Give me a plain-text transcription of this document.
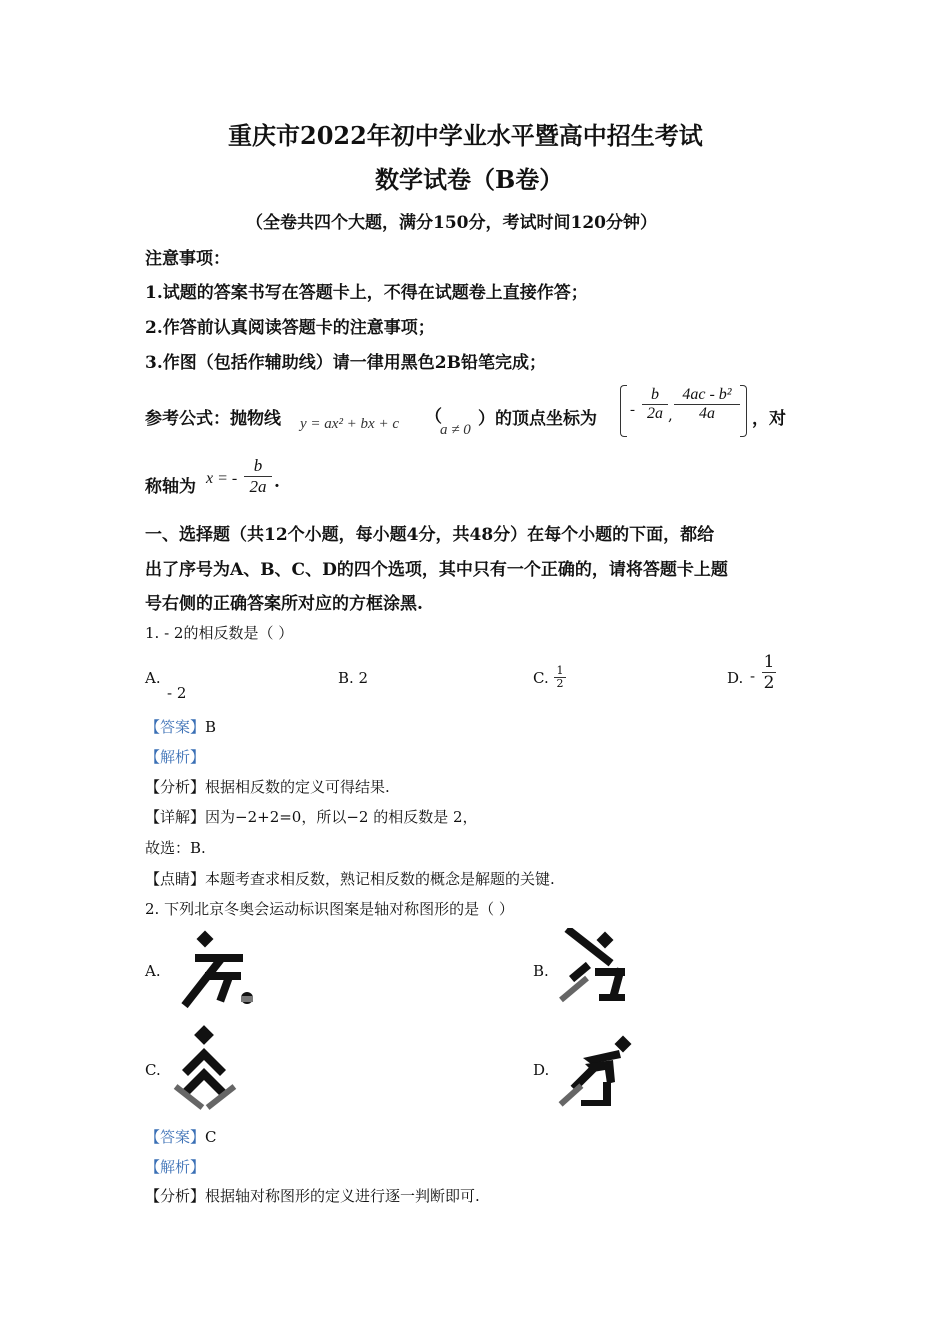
重庆市2022年初中学业水平暨高中招生考试
数学试卷（B卷）
（全卷共四个大题，满分150分，考试时间120分钟）
注意事项：
1.试题的答案书写在答题卡上，不得在试题卷上直接作答；
2.作答前认真阅读答题卡的注意事项；
3.作图（包括作辅助线）请一律用黑色2B铅笔完成；
参考公式：抛物线 y = ax² + bx + c （
a ≠ 0
）的顶点坐标为 -
b
2a ,
4ac - b²
4a	，对
称轴为 x = -
b
2a .
一、选择题（共12个小题，每小题4分，共48分）在每个小题的下面，都给
出了序号为A、B、C、D的四个选项，其中只有一个正确的，请将答题卡上题
号右侧的正确答案所对应的方框涂黑.
1. - 2的相反数是（ ）
A.
- 2
B. 2	C. 1
2	D. -
1
2
【答案】B
【解析】
【分析】根据相反数的定义可得结果.
【详解】因为−2+2=0，所以−2 的相反数是 2，
故选：B.
【点睛】本题考查求相反数，熟记相反数的概念是解题的关键.
2. 下列北京冬奥会运动标识图案是轴对称图形的是（ ）
A.	B.
C.	D.
【答案】C
【解析】
【分析】根据轴对称图形的定义进行逐一判断即可.
